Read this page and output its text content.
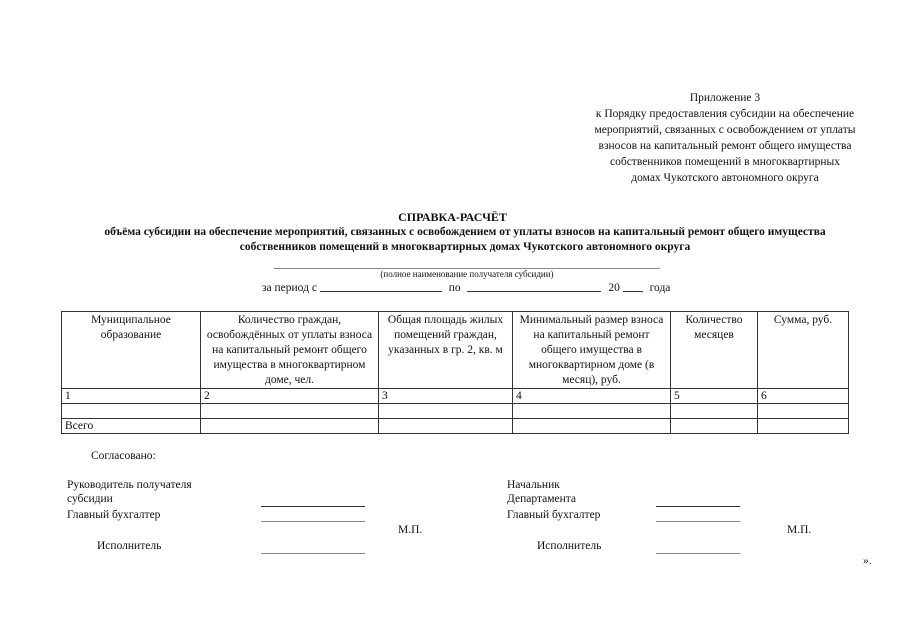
Приложение 3
к Порядку предоставления субсидии на обеспечение
мероприятий, связанных с освобождением от уплаты
взносов на капитальный ремонт общего имущества
собственников помещений в многоквартирных
домах Чукотского автономного округа
СПРАВКА-РАСЧЁТ
объёма субсидии на обеспечение мероприятий, связанных с освобождением от уплаты взносов на капитальный ремонт общего имущества
собственников помещений в многоквартирных домах Чукотского автономного округа
(полное наименование получателя субсидии)
за период с	по	20	года
Муниципальное образование	Количество граждан, освобождённых от уплаты взноса на капитальный ремонт общего имущества в многоквартирном доме, чел.	Общая площадь жилых помещений граждан, указанных в гр. 2, кв. м	Минимальный размер взноса на капитальный ремонт общего имущества в многоквартирном доме (в месяц), руб.	Количество месяцев	Сумма, руб.
1	2	3	4	5	6

Всего					
Согласовано:
Руководитель получателя
субсидии
Главный бухгалтер
М.П.
Исполнитель
Начальник
Департамента
Главный бухгалтер
М.П.
Исполнитель
».
